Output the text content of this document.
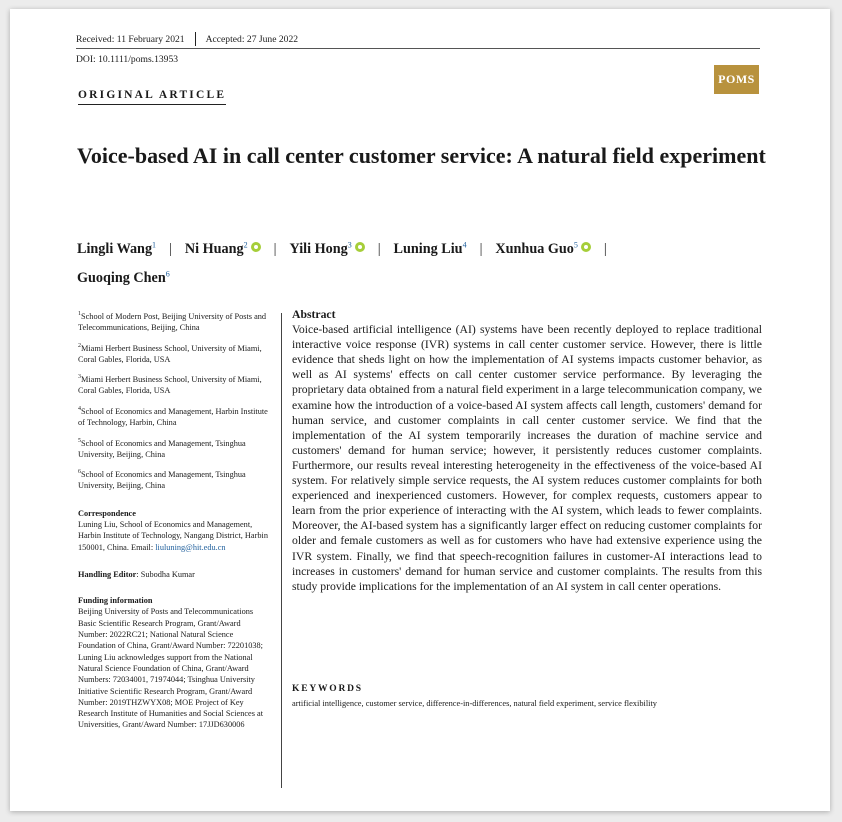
Received: 11 February 2021 Accepted: 27 June 2022
DOI: 10.1111/poms.13953
POMS
ORIGINAL ARTICLE
Voice-based AI in call center customer service: A natural field experiment
Lingli Wang$^1$ | Ni Huang$^2$ | Yili Hong$^3$ | Luning Liu$^4$ | Xunhua Guo$^5$ |
Guoqing Chen$^6$
$^1$School of Modern Post, Beijing University of Posts and Telecommunications, Beijing, China
$^2$Miami Herbert Business School, University of Miami, Coral Gables, Florida, USA
$^3$Miami Herbert Business School, University of Miami, Coral Gables, Florida, USA
$^4$School of Economics and Management, Harbin Institute of Technology, Harbin, China
$^5$School of Economics and Management, Tsinghua University, Beijing, China
$^6$School of Economics and Management, Tsinghua University, Beijing, China
Correspondence
Luning Liu, School of Economics and Management, Harbin Institute of Technology, Nangang District, Harbin 150001, China. Email: liuluning@hit.edu.cn
Handling Editor: Subodha Kumar
Funding information
Beijing University of Posts and Telecommunications Basic Scientific Research Program, Grant/Award Number: 2022RC21; National Natural Science Foundation of China, Grant/Award Number: 72201038; Luning Liu acknowledges support from the National Natural Science Foundation of China, Grant/Award Numbers: 72034001, 71974044; Tsinghua University Initiative Scientific Research Program, Grant/Award Number: 2019THZWYX08; MOE Project of Key Research Institute of Humanities and Social Sciences at Universities, Grant/Award Number: 17JJD630006
Abstract
Voice-based artificial intelligence (AI) systems have been recently deployed to replace traditional interactive voice response (IVR) systems in call center customer service. However, there is little evidence that sheds light on how the implementation of AI systems impacts customer behavior, as well as AI systems' effects on call center customer service performance. By leveraging the proprietary data obtained from a natural field experiment in a large telecommunication company, we examine how the introduction of a voice-based AI system affects call length, customers' demand for human service, and customer complaints in call center customer service. We find that the implementation of the AI system temporarily increases the duration of machine service and customers' demand for human service; however, it persistently reduces customer complaints. Furthermore, our results reveal interesting heterogeneity in the effectiveness of the voice-based AI system. For relatively simple service requests, the AI system reduces customer complaints for both experienced and inexperienced customers. However, for complex requests, customers appear to learn from the prior experience of interacting with the AI system, which leads to fewer complaints. Moreover, the AI-based system has a significantly larger effect on reducing customer complaints for older and female customers as well as for customers who have had extensive experience using the IVR system. Finally, we find that speech-recognition failures in customer-AI interactions lead to increases in customers' demand for human service and customer complaints. The results from this study provide implications for the implementation of an AI system in call center operations.
KEYWORDS
artificial intelligence, customer service, difference-in-differences, natural field experiment, service flexibility
